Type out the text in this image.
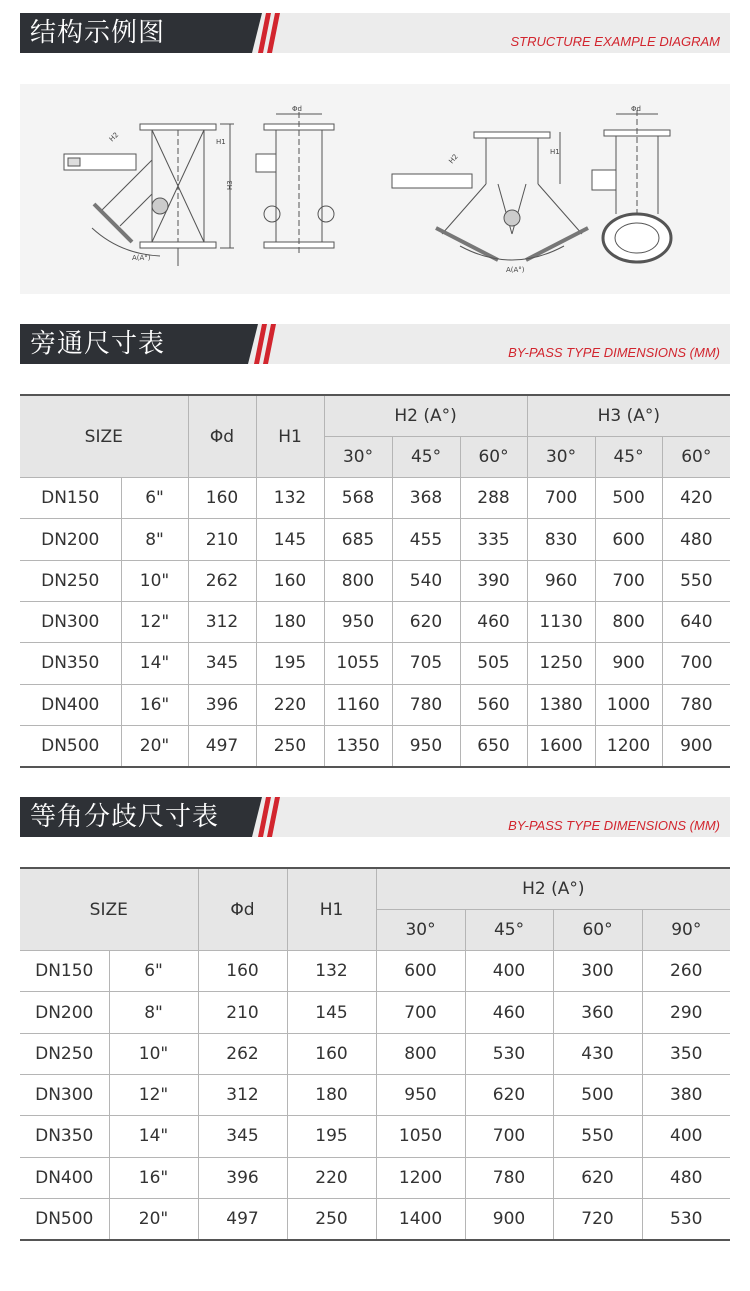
结构示例图	STRUCTURE EXAMPLE DIAGRAM
H2	H1
H3
A(A°)
Φd
H2
H1
A(A°)
Φd
旁通尺寸表	BY-PASS TYPE DIMENSIONS (MM)
SIZE		Φd	H1	H2 (A°)			H3 (A°)		
				30°	45°	60°	30°	45°	60°
DN150	6"	160	132	568	368	288	700	500	420
DN200	8"	210	145	685	455	335	830	600	480
DN250	10"	262	160	800	540	390	960	700	550
DN300	12"	312	180	950	620	460	1130	800	640
DN350	14"	345	195	1055	705	505	1250	900	700
DN400	16"	396	220	1160	780	560	1380	1000	780
DN500	20"	497	250	1350	950	650	1600	1200	900
等角分歧尺寸表	BY-PASS TYPE DIMENSIONS (MM)
SIZE		Φd	H1	H2 (A°)			
				30°	45°	60°	90°
DN150	6"	160	132	600	400	300	260
DN200	8"	210	145	700	460	360	290
DN250	10"	262	160	800	530	430	350
DN300	12"	312	180	950	620	500	380
DN350	14"	345	195	1050	700	550	400
DN400	16"	396	220	1200	780	620	480
DN500	20"	497	250	1400	900	720	530
